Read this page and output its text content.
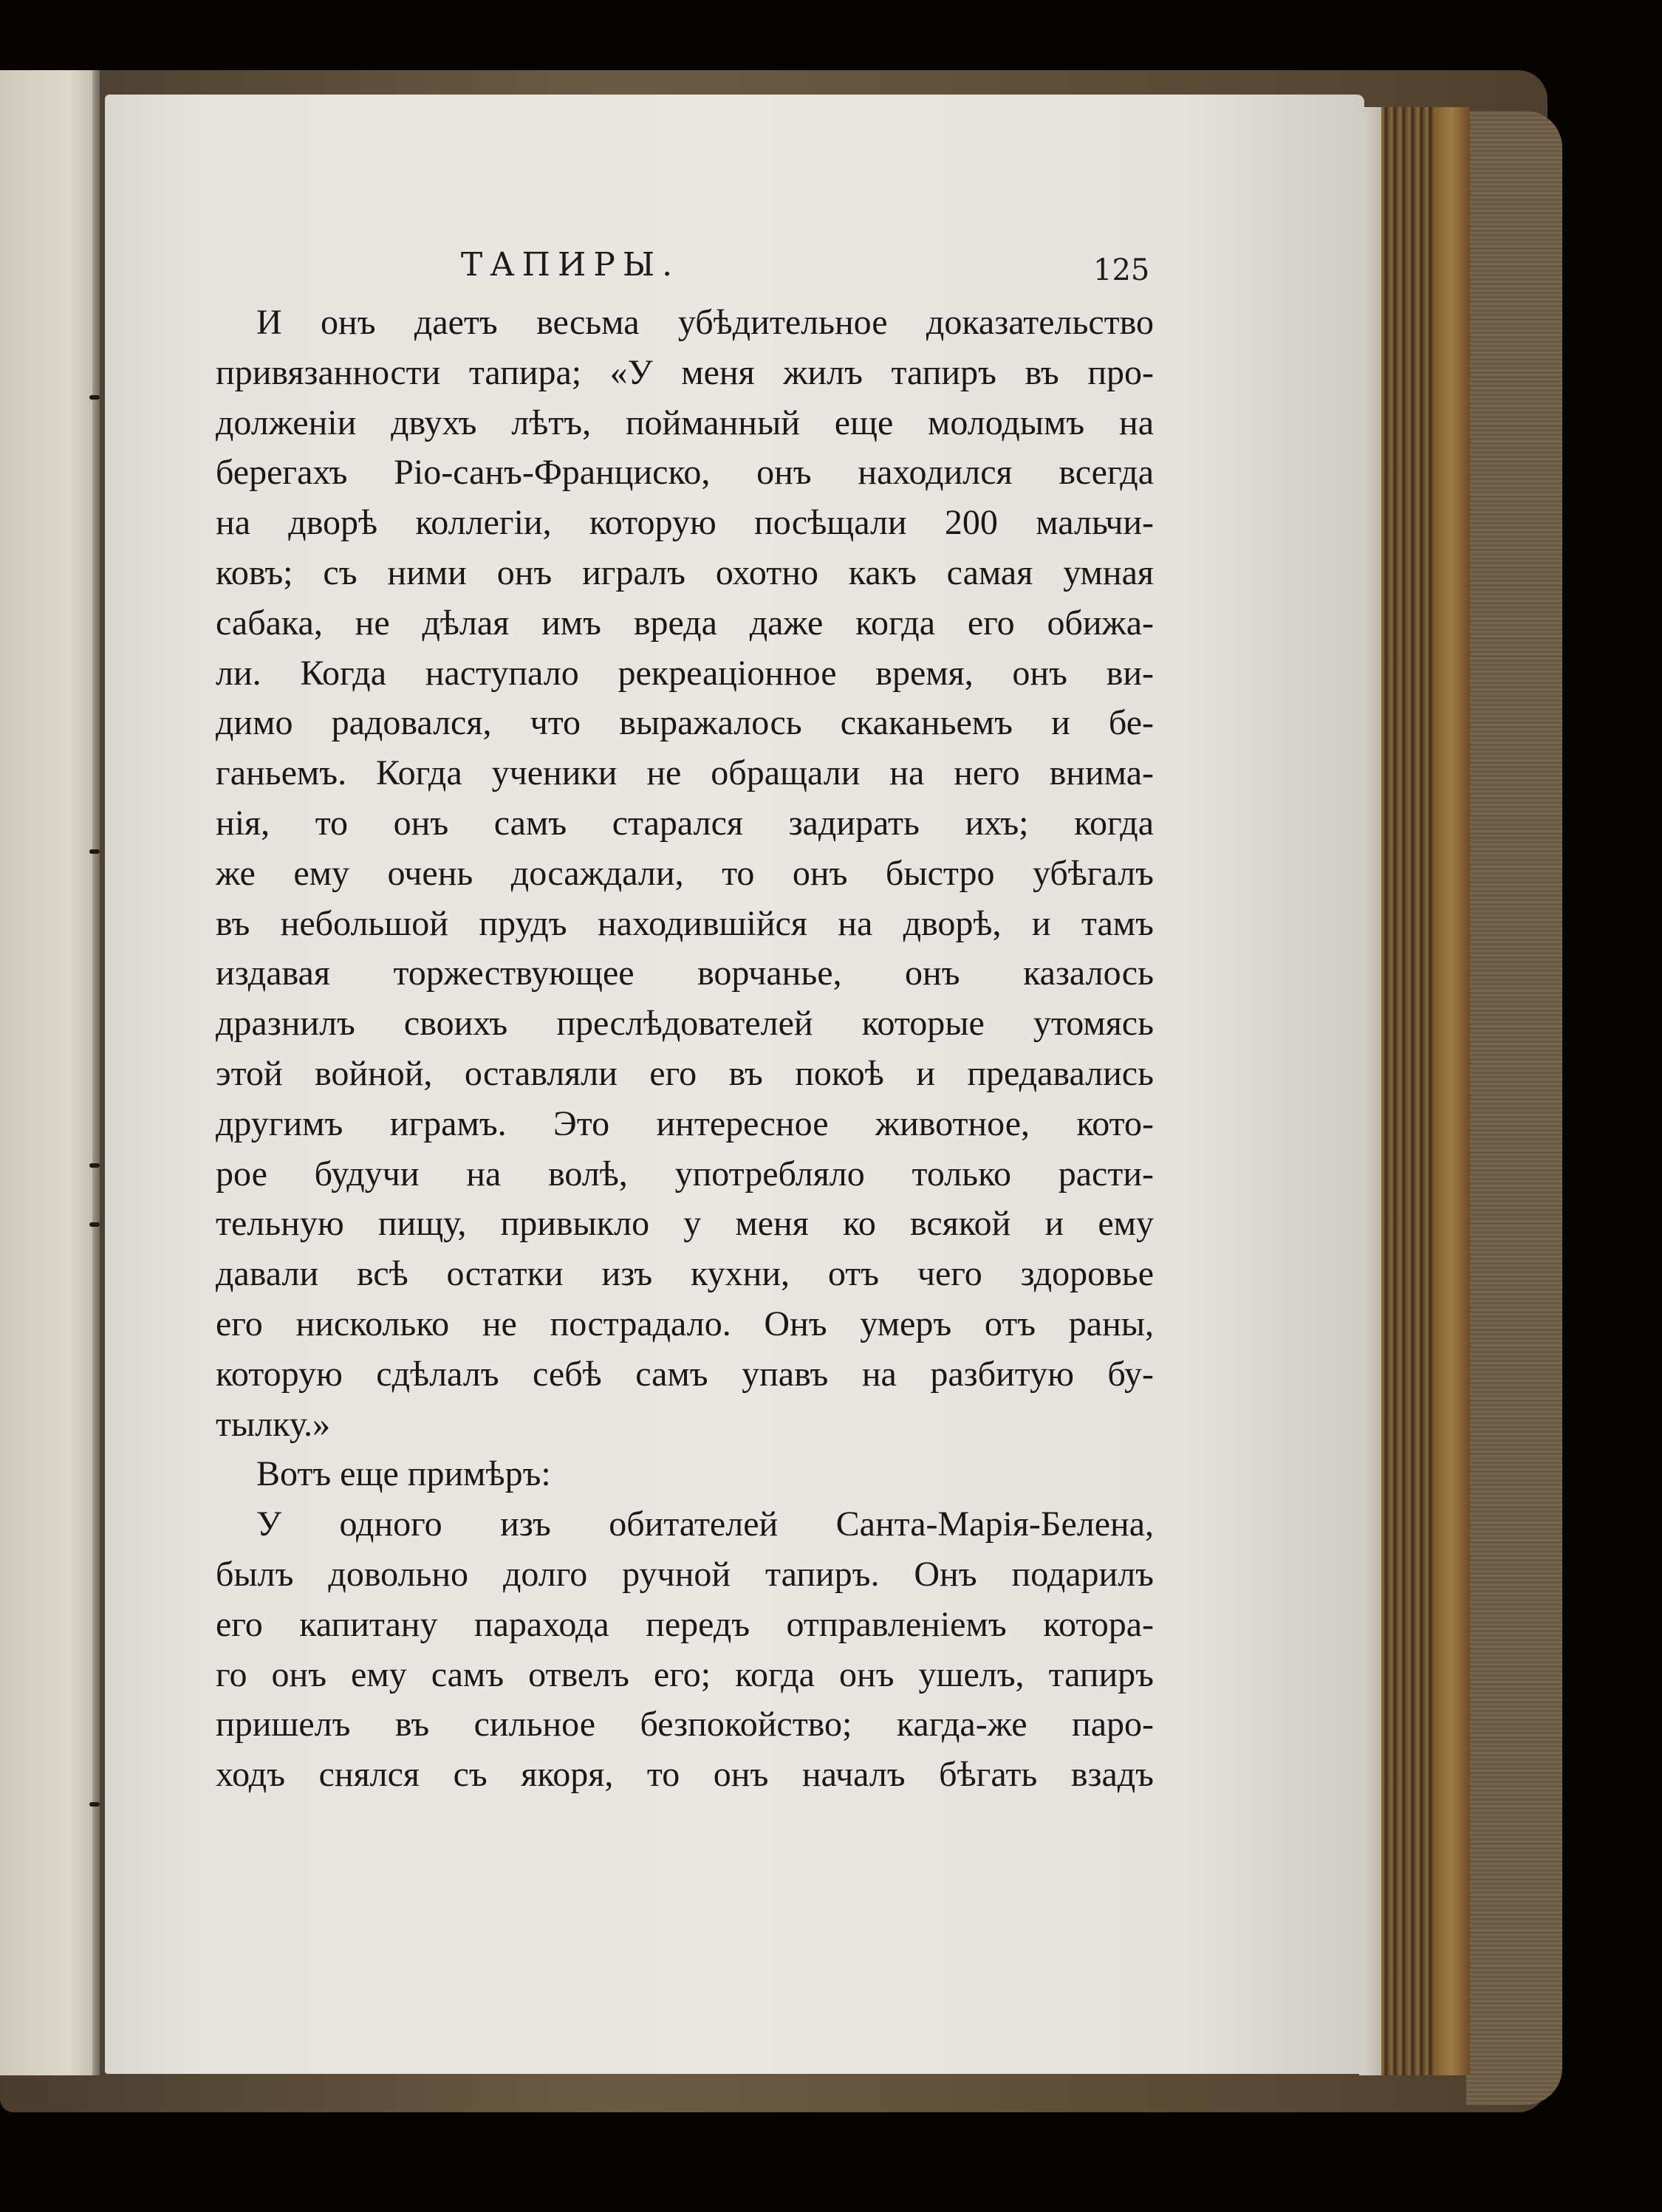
ТАПИРЫ.	125
И онъ даетъ весьма убѣдительное доказательство
привязанности тапира; «У меня жилъ тапиръ въ про-
долженіи двухъ лѣтъ, пойманный еще молодымъ на
берегахъ Ріо-санъ-Франциско, онъ находился всегда
на дворѣ коллегіи, которую посѣщали 200 мальчи-
ковъ; съ ними онъ игралъ охотно какъ самая умная
сабака, не дѣлая имъ вреда даже когда его обижа-
ли. Когда наступало рекреаціонное время, онъ ви-
димо радовался, что выражалось скаканьемъ и бе-
ганьемъ. Когда ученики не обращали на него внима-
нія, то онъ самъ старался задирать ихъ; когда
же ему очень досаждали, то онъ быстро убѣгалъ
въ небольшой прудъ находившійся на дворѣ, и тамъ
издавая торжествующее ворчанье, онъ казалось
дразнилъ своихъ преслѣдователей которые утомясь
этой войной, оставляли его въ покоѣ и предавались
другимъ играмъ. Это интересное животное, кото-
рое будучи на волѣ, употребляло только расти-
тельную пищу, привыкло у меня ко всякой и ему
давали всѣ остатки изъ кухни, отъ чего здоровье
его нисколько не пострадало. Онъ умеръ отъ раны,
которую сдѣлалъ себѣ самъ упавъ на разбитую бу-
тылку.»
Вотъ еще примѣръ:
У одного изъ обитателей Санта-Марія-Белена,
былъ довольно долго ручной тапиръ. Онъ подарилъ
его капитану парахода передъ отправленіемъ котора-
го онъ ему самъ отвелъ его; когда онъ ушелъ, тапиръ
пришелъ въ сильное безпокойство; кагда-же паро-
ходъ снялся съ якоря, то онъ началъ бѣгать взадъ
